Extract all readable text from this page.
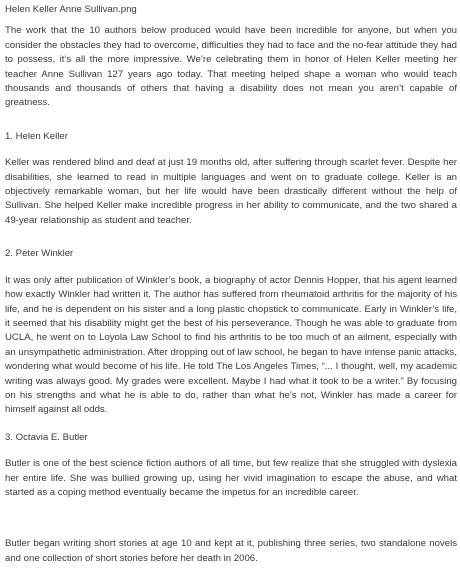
Helen Keller Anne Sullivan.png

The work that the 10 authors below produced would have been incredible for anyone, but when you consider the obstacles they had to overcome, difficulties they had to face and the no-fear attitude they had to possess, it’s all the more impressive. We’re celebrating them in honor of Helen Keller meeting her teacher Anne Sullivan 127 years ago today. That meeting helped shape a woman who would teach thousands and thousands of others that having a disability does not mean you aren’t capable of greatness.

1. Helen Keller

Keller was rendered blind and deaf at just 19 months old, after suffering through scarlet fever. Despite her disabilities, she learned to read in multiple languages and went on to graduate college. Keller is an objectively remarkable woman, but her life would have been drastically different without the help of Sullivan. She helped Keller make incredible progress in her ability to communicate, and the two shared a 49-year relationship as student and teacher.

2. Peter Winkler

It was only after publication of Winkler’s book, a biography of actor Dennis Hopper, that his agent learned how exactly Winkler had written it. The author has suffered from rheumatoid arthritis for the majority of his life, and he is dependent on his sister and a long plastic chopstick to communicate. Early in Winkler’s life, it seemed that his disability might get the best of his perseverance. Though he was able to graduate from UCLA, he went on to Loyola Law School to find his arthritis to be too much of an ailment, especially with an unsympathetic administration. After dropping out of law school, he began to have intense panic attacks, wondering what would become of his life. He told The Los Angeles Times, “... I thought, well, my academic writing was always good. My grades were excellent. Maybe I had what it took to be a writer.” By focusing on his strengths and what he is able to do, rather than what he’s not, Winkler has made a career for himself against all odds.

3. Octavia E. Butler

Butler is one of the best science fiction authors of all time, but few realize that she struggled with dyslexia her entire life. She was bullied growing up, using her vivid imagination to escape the abuse, and what started as a coping method eventually became the impetus for an incredible career.

Butler began writing short stories at age 10 and kept at it, publishing three series, two standalone novels and one collection of short stories before her death in 2006.
